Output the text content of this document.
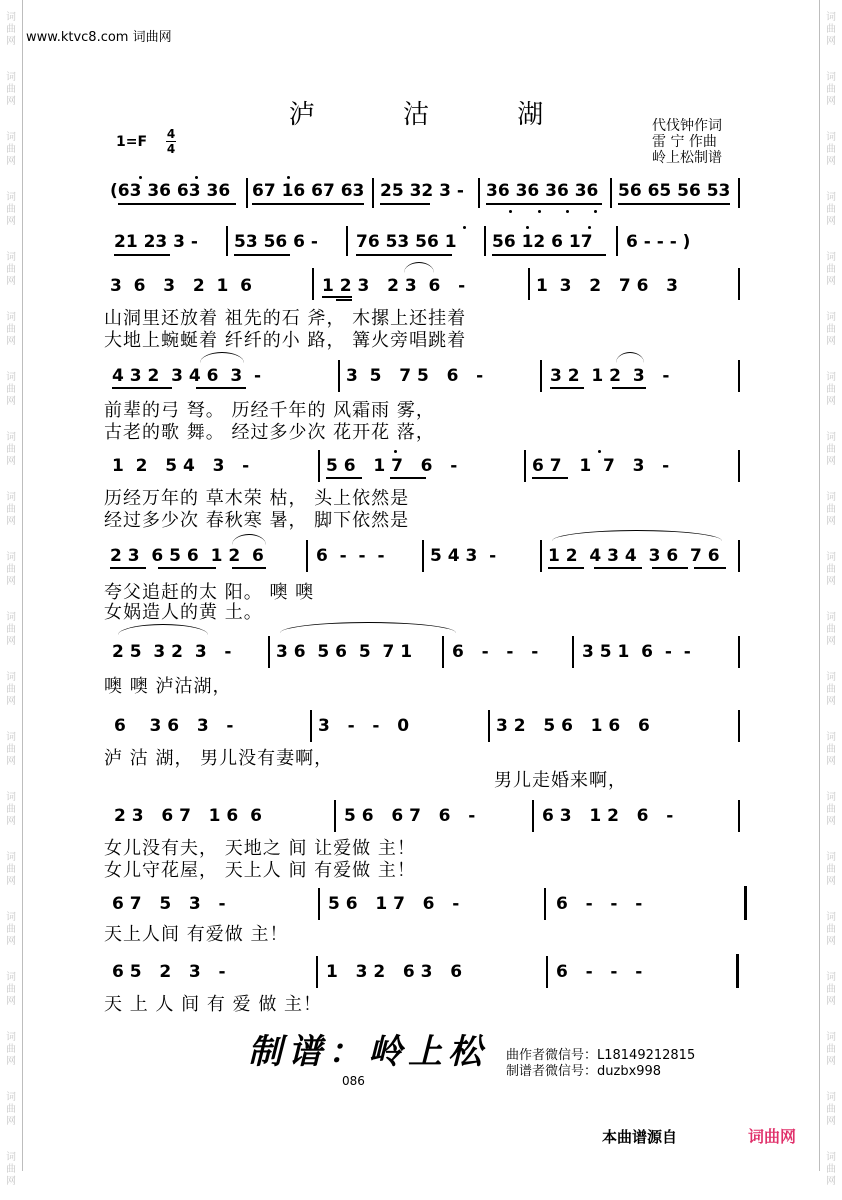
词
曲
网
词
曲
网
词
曲
网
词
曲
网
词
曲
网
词
曲
网
词
曲
网
词
曲
网
词
曲
网
词
曲
网
词
曲
网
词
曲
网
词
曲
网
词
曲
网
词
曲
网
词
曲
网
词
曲
网
词
曲
网
词
曲
网
词
曲
网
词
曲
网
词
曲
网
词
曲
网
词
曲
网
词
曲
网
词
曲
网
词
曲
网
词
曲
网
词
曲
网
词
曲
网
词
曲
网
词
曲
网
词
曲
网
词
曲
网
词
曲
网
词
曲
网
词
曲
网
词
曲
网
词
曲
网
词
曲
网
www.ktvc8.com 词曲网
泸 沽 湖
1=F 4
4
代伐钟作词
雷 宁 作曲
岭上松制谱
(63 36 63 36 67 16 67 63 25 32 3 - 36 36 36 36 56 65 56 53
21 23 3 - 53 56 6 - 76 53 56 1 56 12 6 17 6 - - - )
3  6   3   2  1  6	1 2 3   2 3  6   -	1  3   2   7 6   3
山洞里还放着 祖先的石 斧， 木摞上还挂着
大地上蜿蜒着 纤纤的小 路， 篝火旁唱跳着
4 3 2  3 4 6  3  -	3  5   7 5   6   -	3 2  1 2  3   -
前辈的弓 弩。 历经千年的 风霜雨 雾，
古老的歌 舞。 经过多少次 花开花 落，
1  2   5 4   3   -	5 6   1 7   6   -	6 7   1  7   3   -
历经万年的 草木荣 枯， 头上依然是
经过多少次 春秋寒 暑， 脚下依然是
2 3  6 5 6  1 2  6	6  -  -  -	5 4 3  -	1 2  4 3 4  3 6  7 6
夸父追赶的太 阳。 噢 噢
女娲造人的黄 土。
2 5  3 2  3   -	3 6  5 6  5  7 1 6   -   -   -	3 5 1  6  -  -
噢 噢 泸沽湖，
6    3 6   3   -	3   -   -   0	3 2   5 6   1 6   6
泸 沽 湖， 男儿没有妻啊，
男儿走婚来啊，
2 3   6 7   1 6  6	5 6   6 7   6   -	6 3   1 2   6   -
女儿没有夫， 天地之 间 让爱做 主！
女儿守花屋， 天上人 间 有爱做 主！
6 7   5   3   -	5 6   1 7   6   -	6   -   -   -
天上人间 有爱做 主！
6 5   2   3   -	1   3 2   6 3   6	6   -   -   -
天 上 人 间 有 爱 做 主！
制谱：岭上松 曲作者微信号：L18149212815
制谱者微信号：duzbx998
086
本曲谱源自	词曲网
